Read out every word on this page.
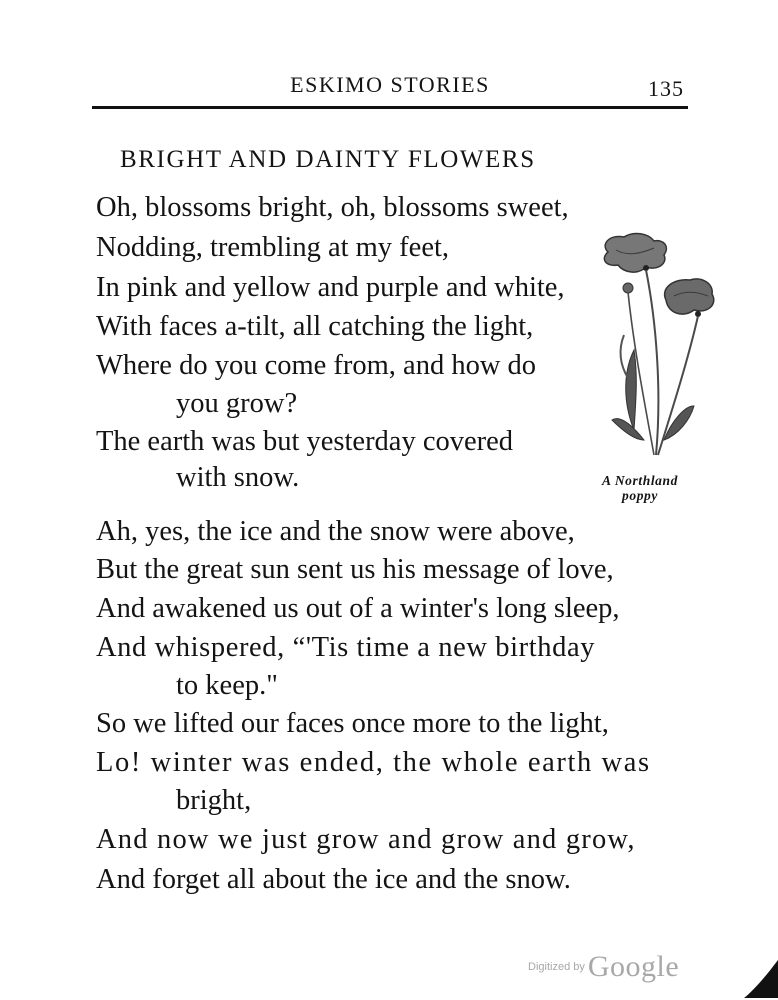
ESKIMO STORIES	135
BRIGHT AND DAINTY FLOWERS
Oh, blossoms bright, oh, blossoms sweet,
Nodding, trembling at my feet,
In pink and yellow and purple and white,
With faces a-tilt, all catching the light,
Where do you come from, and how do
you grow?
The earth was but yesterday covered
with snow.
Ah, yes, the ice and the snow were above,
But the great sun sent us his message of love,
And awakened us out of a winter's long sleep,
And whispered, “'Tis time a new birthday
to keep."
So we lifted our faces once more to the light,
Lo! winter was ended, the whole earth was
bright,
And now we just grow and grow and grow,
And forget all about the ice and the snow.
A Northland
poppy
$^{Digitized by}$ Google
